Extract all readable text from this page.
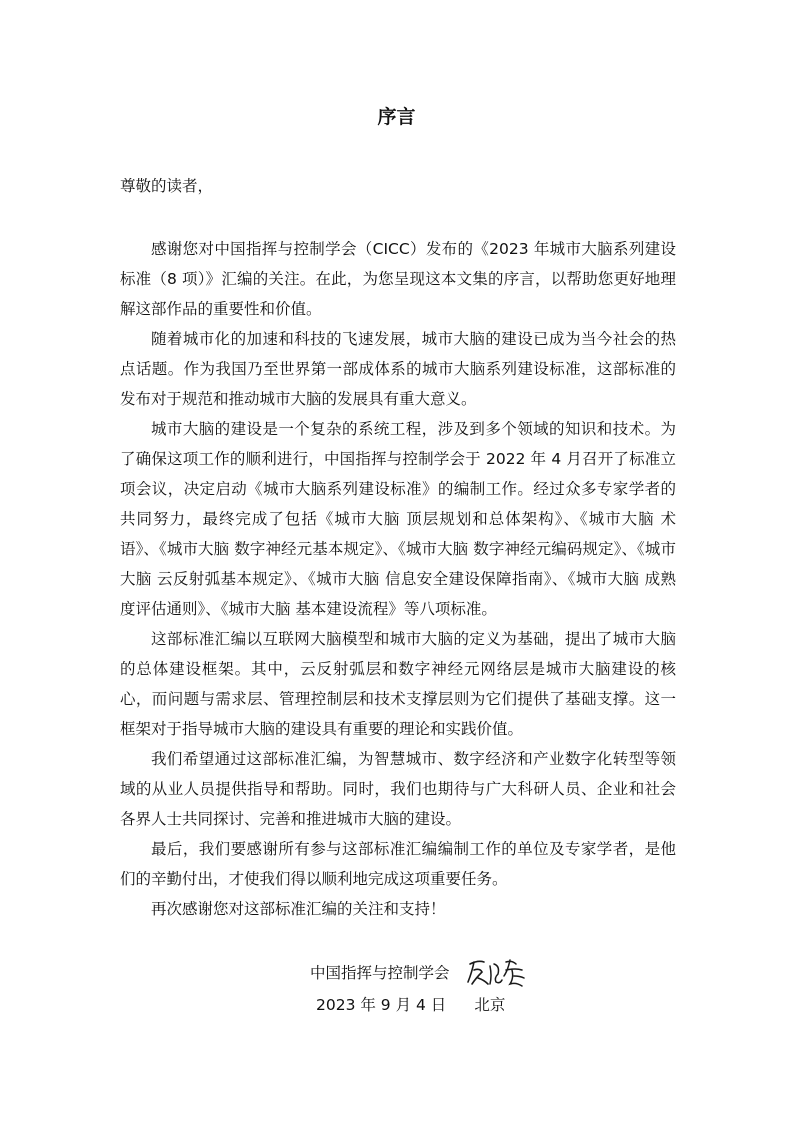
序言
尊敬的读者，

感谢您对中国指挥与控制学会（CICC）发布的《2023 年城市大脑系列建设标准（8 项）》汇编的关注。在此，为您呈现这本文集的序言，以帮助您更好地理解这部作品的重要性和价值。

随着城市化的加速和科技的飞速发展，城市大脑的建设已成为当今社会的热点话题。作为我国乃至世界第一部成体系的城市大脑系列建设标准，这部标准的发布对于规范和推动城市大脑的发展具有重大意义。

城市大脑的建设是一个复杂的系统工程，涉及到多个领域的知识和技术。为了确保这项工作的顺利进行，中国指挥与控制学会于 2022 年 4 月召开了标准立项会议，决定启动《城市大脑系列建设标准》的编制工作。经过众多专家学者的共同努力，最终完成了包括《城市大脑 顶层规划和总体架构》、《城市大脑 术语》、《城市大脑 数字神经元基本规定》、《城市大脑 数字神经元编码规定》、《城市大脑 云反射弧基本规定》、《城市大脑 信息安全建设保障指南》、《城市大脑 成熟度评估通则》、《城市大脑 基本建设流程》等八项标准。

这部标准汇编以互联网大脑模型和城市大脑的定义为基础，提出了城市大脑的总体建设框架。其中，云反射弧层和数字神经元网络层是城市大脑建设的核心，而问题与需求层、管理控制层和技术支撑层则为它们提供了基础支撑。这一框架对于指导城市大脑的建设具有重要的理论和实践价值。

我们希望通过这部标准汇编，为智慧城市、数字经济和产业数字化转型等领域的从业人员提供指导和帮助。同时，我们也期待与广大科研人员、企业和社会各界人士共同探讨、完善和推进城市大脑的建设。

最后，我们要感谢所有参与这部标准汇编编制工作的单位及专家学者，是他们的辛勤付出，才使我们得以顺利地完成这项重要任务。

再次感谢您对这部标准汇编的关注和支持！

中国指挥与控制学会
2023 年 9 月 4 日 北京
